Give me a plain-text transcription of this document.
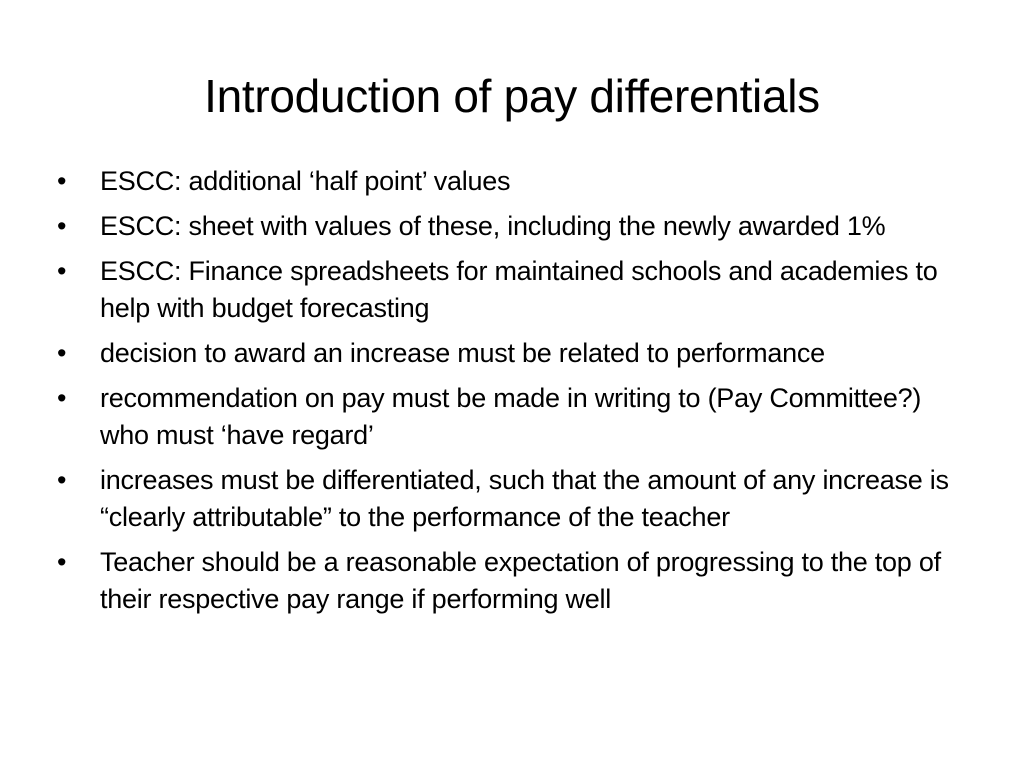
Introduction of pay differentials
•	ESCC: additional ‘half point’ values
•	ESCC: sheet with values of these, including the newly awarded 1%
•	ESCC: Finance spreadsheets for maintained schools and academies to help with budget forecasting
•	decision to award an increase must be related to performance
•	recommendation on pay must be made in writing to (Pay Committee?) who must ‘have regard’
•	increases must be differentiated, such that the amount of any increase is “clearly attributable” to the performance of the teacher
•	Teacher should be a reasonable expectation of progressing to the top of their respective pay range if performing well
